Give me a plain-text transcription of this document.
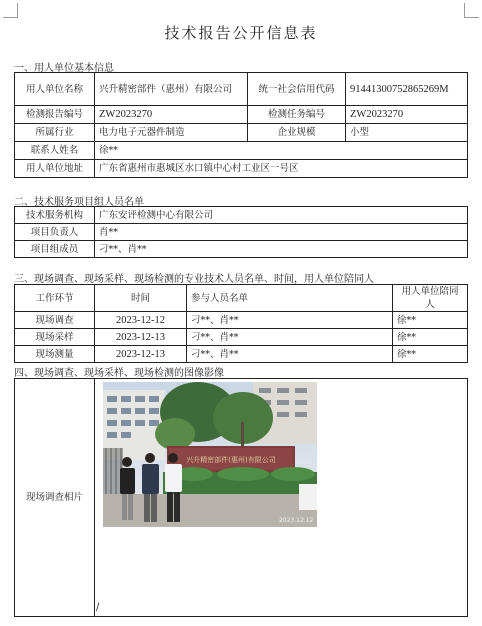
技术报告公开信息表
一、用人单位基本信息
用人单位名称	兴升精密部件（惠州）有限公司	统一社会信用代码	91441300752865269M
检测报告编号	ZW2023270	检测任务编号	ZW2023270
所属行业	电力电子元器件制造	企业规模	小型
联系人姓名	徐**		
用人单位地址	广东省惠州市惠城区水口镇中心村工业区一号区		
二、技术服务项目组人员名单
技术服务机构	广东安评检测中心有限公司
项目负责人	肖**
项目组成员	刁**、肖**
三、现场调查、现场采样、现场检测的专业技术人员名单、时间，用人单位陪同人
工作环节	时间	参与人员名单	用人单位陪同人
现场调查	2023-12-12	刁**、肖**	徐**
现场采样	2023-12-13	刁**、肖**	徐**
现场测量	2023-12-13	刁**、肖**	徐**
四、现场调查、现场采样、现场检测的图像影像
现场调查相片	
兴升精密部件(惠州)有限公司
2023.12.12
/
